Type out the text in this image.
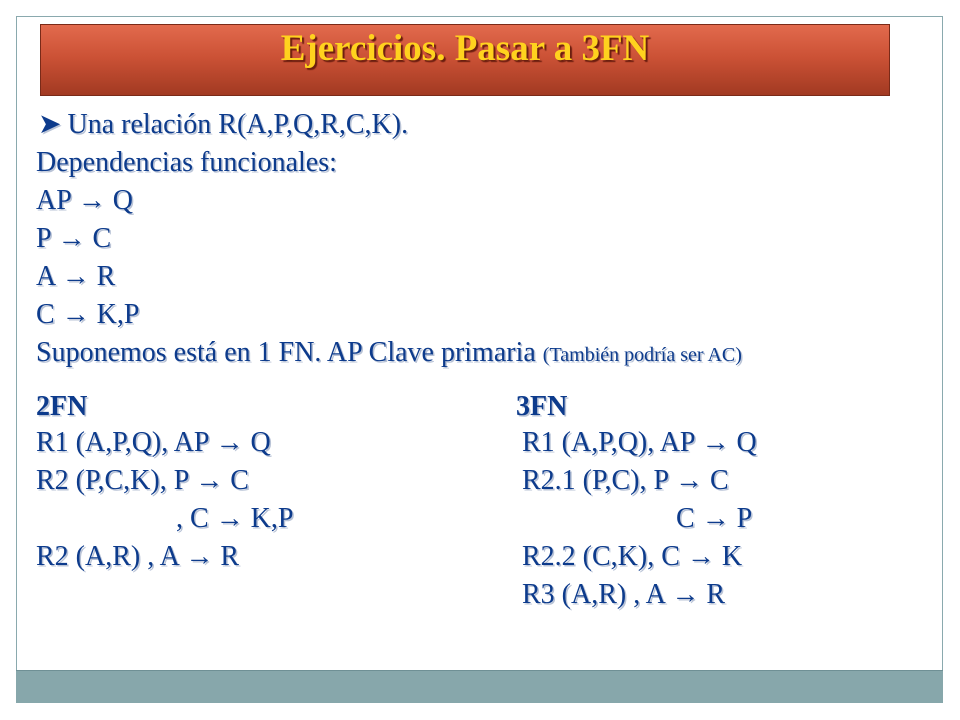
Ejercicios. Pasar a 3FN
➤ Una relación R(A,P,Q,R,C,K).
Dependencias funcionales:
AP → Q
P → C
A → R
C → K,P
Suponemos está en 1 FN. AP Clave primaria (También podría ser AC)
2FN
R1 (A,P,Q), AP → Q
R2 (P,C,K), P → C
, C → K,P
R2 (A,R) , A → R
3FN
R1 (A,P,Q), AP → Q
R2.1 (P,C), P → C
C → P
R2.2 (C,K), C → K
R3 (A,R) , A → R
